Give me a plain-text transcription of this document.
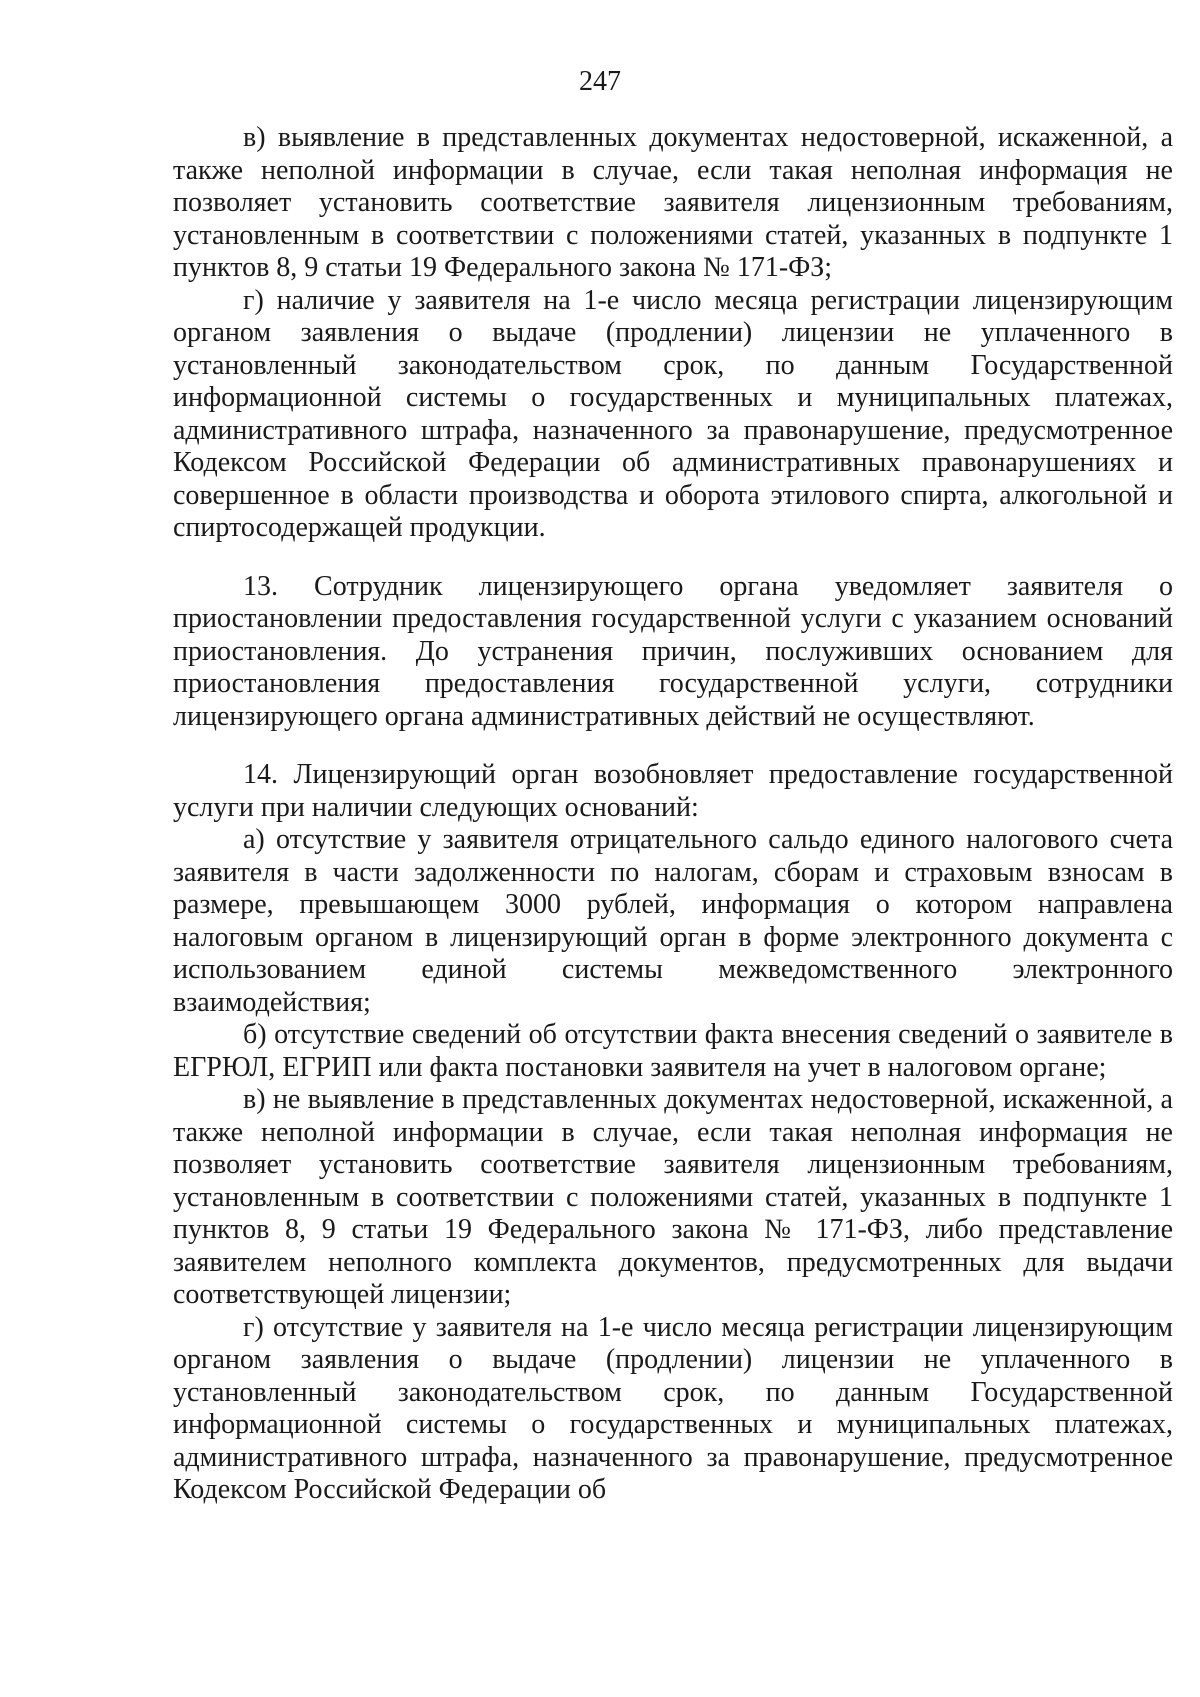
247

в) выявление в представленных документах недостоверной, искаженной, а также неполной информации в случае, если такая неполная информация не позволяет установить соответствие заявителя лицензионным требованиям, установленным в соответствии с положениями статей, указанных в подпункте 1 пунктов 8, 9 статьи 19 Федерального закона № 171-ФЗ;

г) наличие у заявителя на 1-е число месяца регистрации лицензирующим органом заявления о выдаче (продлении) лицензии не уплаченного в установленный законодательством срок, по данным Государственной информационной системы о государственных и муниципальных платежах, административного штрафа, назначенного за правонарушение, предусмотренное Кодексом Российской Федерации об административных правонарушениях и совершенное в области производства и оборота этилового спирта, алкогольной и спиртосодержащей продукции.

13. Сотрудник лицензирующего органа уведомляет заявителя о приостановлении предоставления государственной услуги с указанием оснований приостановления. До устранения причин, послуживших основанием для приостановления предоставления государственной услуги, сотрудники лицензирующего органа административных действий не осуществляют.

14. Лицензирующий орган возобновляет предоставление государственной услуги при наличии следующих оснований:

а) отсутствие у заявителя отрицательного сальдо единого налогового счета заявителя в части задолженности по налогам, сборам и страховым взносам в размере, превышающем 3000 рублей, информация о котором направлена налоговым органом в лицензирующий орган в форме электронного документа с использованием единой системы межведомственного электронного взаимодействия;

б) отсутствие сведений об отсутствии факта внесения сведений о заявителе в ЕГРЮЛ, ЕГРИП или факта постановки заявителя на учет в налоговом органе;

в) не выявление в представленных документах недостоверной, искаженной, а также неполной информации в случае, если такая неполная информация не позволяет установить соответствие заявителя лицензионным требованиям, установленным в соответствии с положениями статей, указанных в подпункте 1 пунктов 8, 9 статьи 19 Федерального закона № 171-ФЗ, либо представление заявителем неполного комплекта документов, предусмотренных для выдачи соответствующей лицензии;

г) отсутствие у заявителя на 1-е число месяца регистрации лицензирующим органом заявления о выдаче (продлении) лицензии не уплаченного в установленный законодательством срок, по данным Государственной информационной системы о государственных и муниципальных платежах, административного штрафа, назначенного за правонарушение, предусмотренное Кодексом Российской Федерации об
